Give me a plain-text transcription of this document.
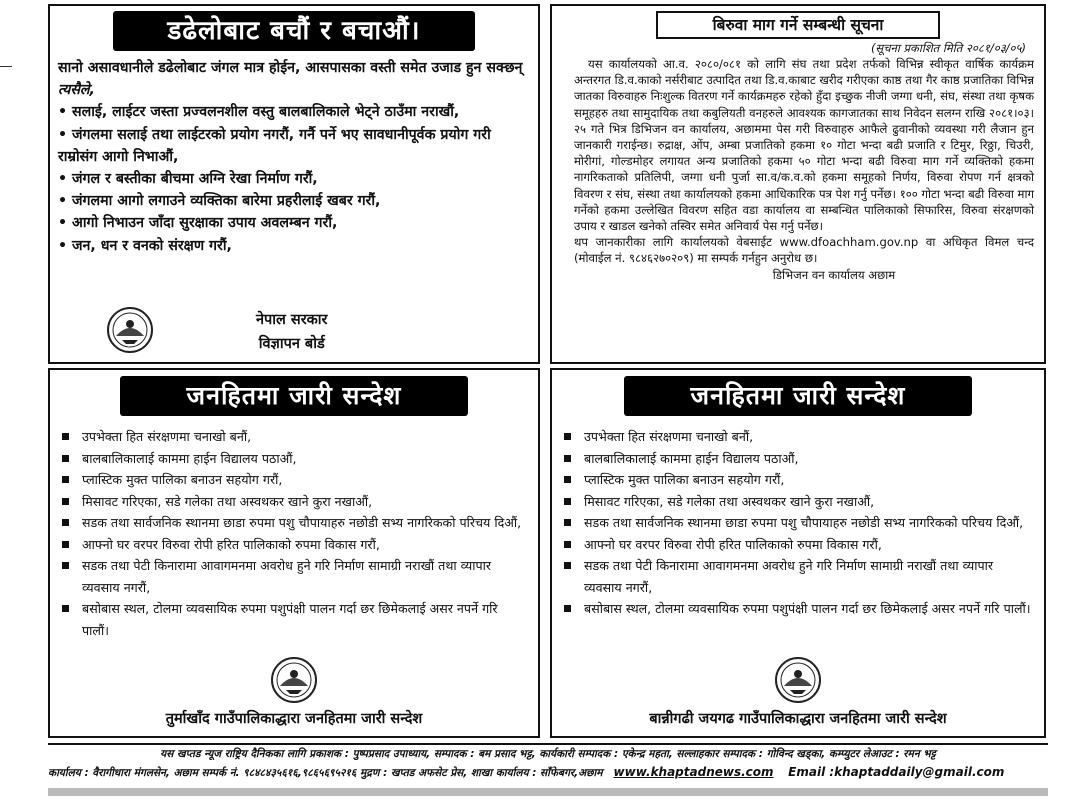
डढेलोबाट बचौं र बचाऔं।
सानो असावधानीले डढेलोबाट जंगल मात्र होईन, आसपासका वस्ती समेत उजाड हुन सक्छन्
त्यसैले,
• सलाई, लाईटर जस्ता प्रज्वलनशील वस्तु बालबालिकाले भेट्ने ठाउँमा नराखौं,
• जंगलमा सलाई तथा लाईटरको प्रयोग नगरौं, गर्नै पर्ने भए सावधानीपूर्वक प्रयोग गरी राम्रोसंग आगो निभाऔं,
• जंगल र बस्तीका बीचमा अग्नि रेखा निर्माण गरौं,
• जंगलमा आगो लगाउने व्यक्तिका बारेमा प्रहरीलाई खबर गरौं,
• आगो निभाउन जाँदा सुरक्षाका उपाय अवलम्बन गरौं,
• जन, धन र वनको संरक्षण गरौं,
नेपाल सरकार
विज्ञापन बोर्ड
बिरुवा माग गर्ने सम्बन्धी सूचना
(सूचना प्रकाशित मिति २०८१/०३/०५)
यस कार्यालयको आ.व. २०८०/०८१ को लागि संघ तथा प्रदेश तर्फको विभिन्न स्वीकृत वार्षिक कार्यक्रम अन्तरगत डि.व.काको नर्सरीबाट उत्पादित तथा डि.व.काबाट खरीद गरीएका काष्ठ तथा गैर काष्ठ प्रजातिका विभिन्न जातका विरुवाहरु निःशुल्क वितरण गर्ने कार्यक्रमहरु रहेको हुँदा इच्छुक नीजी जग्गा धनी, संघ, संस्था तथा कृषक समूहहरु तथा सामुदायिक तथा कबुलियती वनहरुले आवश्यक कागजातका साथ निवेदन सलग्न राखि २०८१।०३।२५ गते भित्र डिभिजन वन कार्यालय, अछाममा पेस गरी विरुवाहरु आफैले ढुवानीको व्यवस्था गरी लैजान हुन जानकारी गराईन्छ। रुद्राक्ष, ओंप, अम्बा प्रजातिको हकमा १० गोटा भन्दा बढी प्रजाति र टिमुर, रिठ्ठा, चिउरी, मोरीगां, गोल्डमोहर लगायत अन्य प्रजातिको हकमा ५० गोटा भन्दा बढी विरुवा माग गर्ने व्यक्तिको हकमा नागरिकताको प्रतिलिपी, जग्गा धनी पुर्जा सा.व/क.व.को हकमा समूहको निर्णय, विरुवा रोपण गर्न क्षत्रको विवरण र संघ, संस्था तथा कार्यालयको हकमा आधिकारिक पत्र पेश गर्नु पर्नेछ। १०० गोटा भन्दा बढी विरुवा माग गर्नेको हकमा उल्लेखित विवरण सहित वडा कार्यालय वा सम्बन्धित पालिकाको सिफारिस, विरुवा संरक्षणको उपाय र खाडल खनेको तस्विर समेत अनिवार्य पेस गर्नु पर्नेछ।
थप जानकारीका लागि कार्यालयको वेबसाईट www.dfoachham.gov.np वा अधिकृत विमल चन्द (मोवाईल नं. ९८४६२७०२०९) मा सम्पर्क गर्नहुन अनुरोध छ।
डिभिजन वन कार्यालय अछाम
जनहितमा जारी सन्देश
उपभेक्ता हित संरक्षणमा चनाखो बनौं,
बालबालिकालाई काममा हाईन विद्यालय पठाऔं,
प्लास्टिक मुक्त पालिका बनाउन सहयोग गरौं,
मिसावट गरिएका, सडे गलेका तथा अस्वथकर खाने कुरा नखाऔं,
सडक तथा सार्वजनिक स्थानमा छाडा रुपमा पशु चौपायाहरु नछोडी सभ्य नागरिकको परिचय दिऔं,
आफ्नो घर वरपर विरुवा रोपी हरित पालिकाको रुपमा विकास गरौं,
सडक तथा पेटी किनारामा आवागमनमा अवरोध हुने गरि निर्माण सामाग्री नराखौं तथा व्यापार व्यवसाय नगरौं,
बसोबास स्थल, टोलमा व्यवसायिक रुपमा पशुपंक्षी पालन गर्दा छर छिमेकलाई असर नपर्ने गरि पालौं।
तुर्माखाँद गाउँपालिकाद्धारा जनहितमा जारी सन्देश
जनहितमा जारी सन्देश
उपभेक्ता हित संरक्षणमा चनाखो बनौं,
बालबालिकालाई काममा हाईन विद्यालय पठाऔं,
प्लास्टिक मुक्त पालिका बनाउन सहयोग गरौं,
मिसावट गरिएका, सडे गलेका तथा अस्वथकर खाने कुरा नखाऔं,
सडक तथा सार्वजनिक स्थानमा छाडा रुपमा पशु चौपायाहरु नछोडी सभ्य नागरिकको परिचय दिऔं,
आफ्नो घर वरपर विरुवा रोपी हरित पालिकाको रुपमा विकास गरौं,
सडक तथा पेटी किनारामा आवागमनमा अवरोध हुने गरि निर्माण सामाग्री नराखौं तथा व्यापार व्यवसाय नगरौं,
बसोबास स्थल, टोलमा व्यवसायिक रुपमा पशुपंक्षी पालन गर्दा छर छिमेकलाई असर नपर्ने गरि पालौं।
बान्नीगढी जयगढ गाउँपालिकाद्धारा जनहितमा जारी सन्देश
यस खप्तड न्यूज राष्ट्रिय दैनिकका लागि प्रकाशक : पुष्पप्रसाद उपाध्याय, सम्पादक : बम प्रसाद भट्ट, कार्यकारी सम्पादक : एकेन्द्र महता, सल्लाहकार सम्पादक : गोविन्द खड्का, कम्प्युटर लेआउट : रमन भट्ट
कार्यालय : वैरागीधारा मंगलसेन, अछाम सम्पर्क नं. ९८४८४३५६१६,९८६५६९५२१६ मुद्रण : खप्तड अफसेट प्रेस, शाखा कार्यालय : साँफेबगर,अछाम www.khaptadnews.com Email :khaptaddaily@gmail.com
